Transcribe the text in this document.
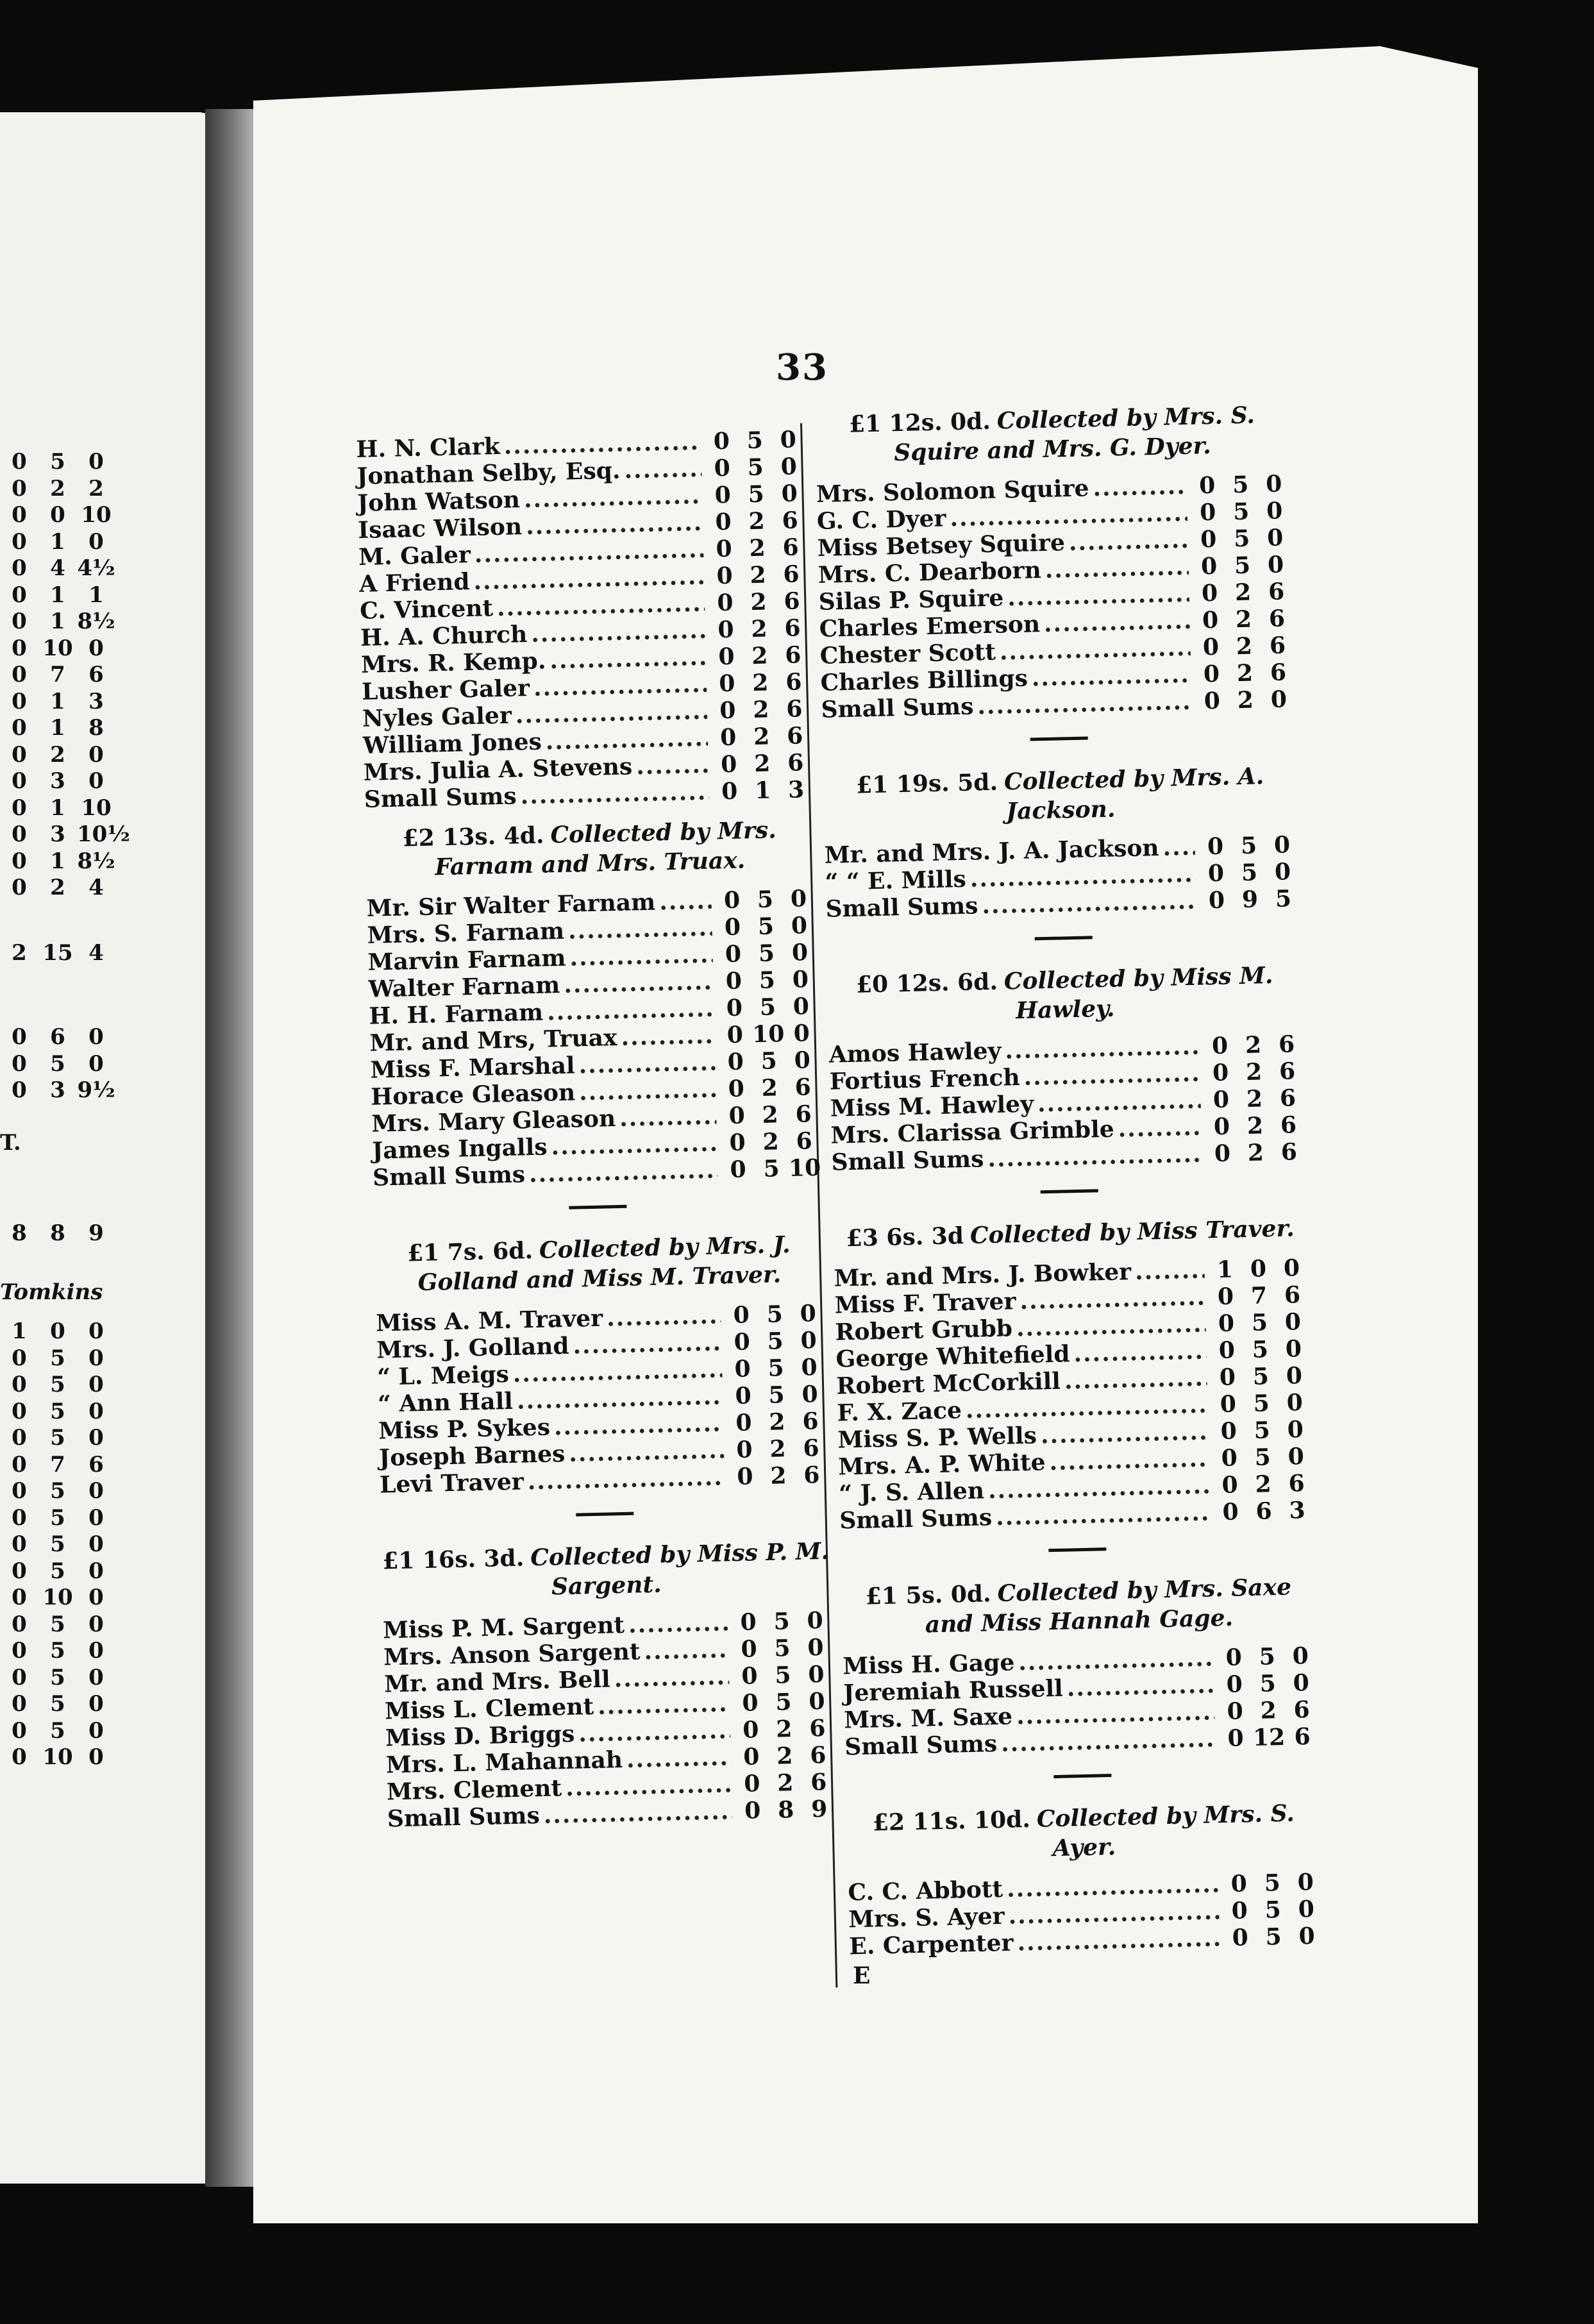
0	5	0
0	2	2
0	0 10
0	1	0
0	4 4½
0	1	1
0	1 8½
0 10 0
0	7	6
0	1	3
0	1	8
0	2	0
0	3	0
0	1 10
0	3 10½
0	1 8½
0	2	4
2 15 4
0	6	0
0	5	0
0	3 9½
T.
8	8	9
Tomkins
1	0	0
0	5	0
0	5	0
0	5	0
0	5	0
0	7	6
0	5	0
0	5	0
0	5	0
0	5	0
0 10 0
0	5	0
0	5	0
0	5	0
0	5	0
0	5	0
0 10 0
33
H. N. Clark .....	0 5 0
Jonathan Selby, Esq. .....	0 5 0
John Watson .....	0 5 0
Isaac Wilson .....	0 2 6
M. Galer .....	0 2 6
A Friend .....	0 2 6
C. Vincent .....	0 2 6
H. A. Church .....	0 2 6
Mrs. R. Kemp. .....	0 2 6
Lusher Galer .....	0 2 6
Nyles Galer .....	0 2 6
William Jones .....	0 2 6
Mrs. Julia A. Stevens .....	0 2 6
Small Sums .....	0 1 3
£2 13s. 4d. Collected by Mrs. Farnam and Mrs. Truax.
Mr. Sir Walter Farnam .....	0 5 0
Mrs. S. Farnam .....	0 5 0
Marvin Farnam .....	0 5 0
Walter Farnam .....	0 5 0
H. H. Farnam .....	0 5 0
Mr. and Mrs, Truax .....	0 10 0
Miss F. Marshal .....	0 5 0
Horace Gleason .....	0 2 6
Mrs. Mary Gleason .....	0 2 6
James Ingalls .....	0 2 6
Small Sums .....	0 5 10
£1 7s. 6d. Collected by Mrs. J. Golland and Miss M. Traver.
Miss A. M. Traver .....	0 5 0
Mrs. J. Golland .....	0 5 0
“ L. Meigs .....	0 5 0
“ Ann Hall .....	0 5 0
Miss P. Sykes .....	0 2 6
Joseph Barnes .....	0 2 6
Levi Traver .....	0 2 6
£1 16s. 3d. Collected by Miss P. M. Sargent.
Miss P. M. Sargent .....	0 5 0
Mrs. Anson Sargent .....	0 5 0
Mr. and Mrs. Bell .....	0 5 0
Miss L. Clement .....	0 5 0
Miss D. Briggs .....	0 2 6
Mrs. L. Mahannah .....	0 2 6
Mrs. Clement .....	0 2 6
Small Sums .....	0 8 9
£1 12s. 0d. Collected by Mrs. S. Squire and Mrs. G. Dyer.
Mrs. Solomon Squire .....	0 5 0
G. C. Dyer .....	0 5 0
Miss Betsey Squire .....	0 5 0
Mrs. C. Dearborn .....	0 5 0
Silas P. Squire .....	0 2 6
Charles Emerson .....	0 2 6
Chester Scott .....	0 2 6
Charles Billings .....	0 2 6
Small Sums .....	0 2 0
£1 19s. 5d. Collected by Mrs. A. Jackson.
Mr. and Mrs. J. A. Jackson .....	0 5 0
“ “ E. Mills .....	0 5 0
Small Sums .....	0 9 5
£0 12s. 6d. Collected by Miss M. Hawley.
Amos Hawley .....	0 2 6
Fortius French .....	0 2 6
Miss M. Hawley .....	0 2 6
Mrs. Clarissa Grimble .....	0 2 6
Small Sums .....	0 2 6
£3 6s. 3d Collected by Miss Traver.
Mr. and Mrs. J. Bowker .....	1 0 0
Miss F. Traver .....	0 7 6
Robert Grubb .....	0 5 0
George Whitefield .....	0 5 0
Robert McCorkill .....	0 5 0
F. X. Zace .....	0 5 0
Miss S. P. Wells .....	0 5 0
Mrs. A. P. White .....	0 5 0
“ J. S. Allen .....	0 2 6
Small Sums .....	0 6 3
£1 5s. 0d. Collected by Mrs. Saxe and Miss Hannah Gage.
Miss H. Gage .....	0 5 0
Jeremiah Russell .....	0 5 0
Mrs. M. Saxe .....	0 2 6
Small Sums .....	0 12 6
£2 11s. 10d. Collected by Mrs. S. Ayer.
C. C. Abbott .....	0 5 0
Mrs. S. Ayer .....	0 5 0
E. Carpenter .....	0 5 0
E
